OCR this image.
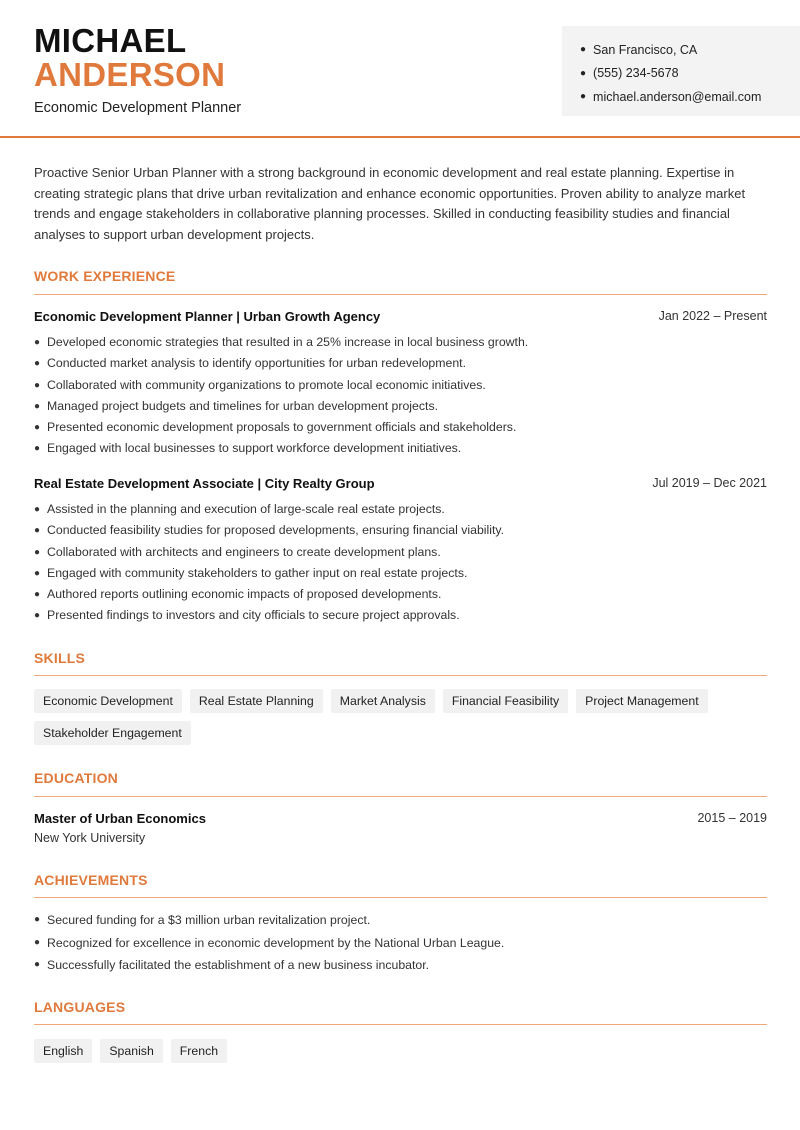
MICHAEL
ANDERSON
Economic Development Planner
● San Francisco, CA
● (555) 234-5678
● michael.anderson@email.com
Proactive Senior Urban Planner with a strong background in economic development and real estate planning. Expertise in creating strategic plans that drive urban revitalization and enhance economic opportunities. Proven ability to analyze market trends and engage stakeholders in collaborative planning processes. Skilled in conducting feasibility studies and financial analyses to support urban development projects.
WORK EXPERIENCE
Economic Development Planner | Urban Growth Agency	Jan 2022 – Present
● Developed economic strategies that resulted in a 25% increase in local business growth.
● Conducted market analysis to identify opportunities for urban redevelopment.
● Collaborated with community organizations to promote local economic initiatives.
● Managed project budgets and timelines for urban development projects.
● Presented economic development proposals to government officials and stakeholders.
● Engaged with local businesses to support workforce development initiatives.
Real Estate Development Associate | City Realty Group	Jul 2019 – Dec 2021
● Assisted in the planning and execution of large-scale real estate projects.
● Conducted feasibility studies for proposed developments, ensuring financial viability.
● Collaborated with architects and engineers to create development plans.
● Engaged with community stakeholders to gather input on real estate projects.
● Authored reports outlining economic impacts of proposed developments.
● Presented findings to investors and city officials to secure project approvals.
SKILLS
Economic Development	Real Estate Planning	Market Analysis	Financial Feasibility	Project Management
Stakeholder Engagement
EDUCATION
Master of Urban Economics
New York University
2015 – 2019
ACHIEVEMENTS
● Secured funding for a $3 million urban revitalization project.
● Recognized for excellence in economic development by the National Urban League.
● Successfully facilitated the establishment of a new business incubator.
LANGUAGES
English	Spanish	French
